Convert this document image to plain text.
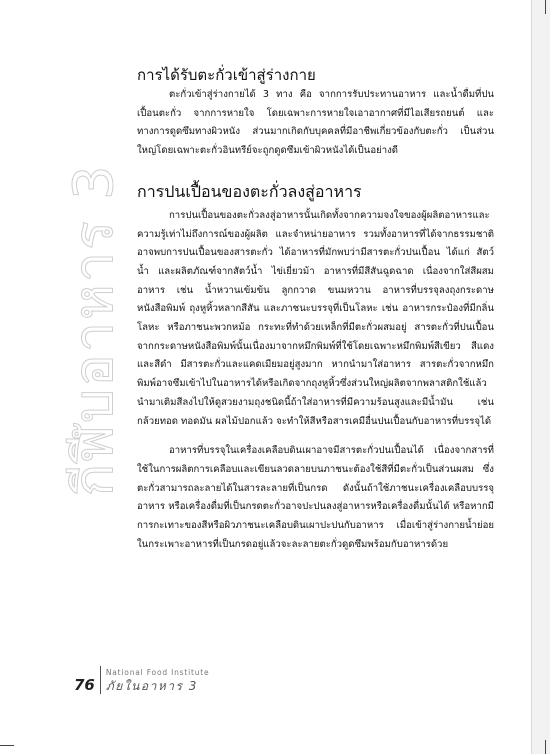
กีฬีบอาหาร 3
การได้รับตะกั่วเข้าสู่ร่างกาย

ตะกั่วเข้าสู่ร่างกายได้ 3 ทาง คือ จากการรับประทานอาหาร และน้ำดื่มที่ปนเปื้อนตะกั่ว จากการหายใจ โดยเฉพาะการหายใจเอาอากาศที่มีไอเสียรถยนต์ และทางการดูดซึมทางผิวหนัง ส่วนมากเกิดกับบุคคลที่มีอาชีพเกี่ยวข้องกับตะกั่ว เป็นส่วนใหญ่โดยเฉพาะตะกั่วอินทรีย์จะถูกดูดซึมเข้าผิวหนังได้เป็นอย่างดี

การปนเปื้อนของตะกั่วลงสู่อาหาร

การปนเปื้อนของตะกั่วลงสู่อาหารนั้นเกิดทั้งจากความจงใจของผู้ผลิตอาหารและความรู้เท่าไม่ถึงการณ์ของผู้ผลิต และจำหน่ายอาหาร รวมทั้งอาหารที่ได้จากธรรมชาติอาจพบการปนเปื้อนของสารตะกั่ว ได้อาหารที่มักพบว่ามีสารตะกั่วปนเปื้อน ได้แก่ สัตว์น้ำ และผลิตภัณฑ์จากสัตว์น้ำ ไข่เยี่ยวม้า อาหารที่มีสีสันฉูดฉาด เนื่องจากใส่สีผสมอาหาร เช่น น้ำหวานเข้มข้น ลูกกวาด ขนมหวาน อาหารที่บรรจุลงถุงกระดาษหนังสือพิมพ์ ถุงหูหิ้วหลากสีสัน และภาชนะบรรจุที่เป็นโลหะ เช่น อาหารกระป๋องที่มีกลิ่นโลหะ หรือภาชนะพวกหม้อ กระทะที่ทำด้วยเหล็กที่มีตะกั่วผสมอยู่ สารตะกั่วที่ปนเปื้อนจากกระดาษหนังสือพิมพ์นั้นเนื่องมาจากหมึกพิมพ์ที่ใช้โดยเฉพาะหมึกพิมพ์สีเขียว สีแดง และสีดำ มีสารตะกั่วและแคดเมียมอยู่สูงมาก หากนำมาใส่อาหาร สารตะกั่วจากหมึกพิมพ์อาจซึมเข้าไปในอาหารได้หรือเกิดจากถุงหูหิ้วซึ่งส่วนใหญ่ผลิตจากพลาสติกใช้แล้ว นำมาเติมสีลงไปให้ดูสวยงามถุงชนิดนี้ถ้าใส่อาหารที่มีความร้อนสูงและมีน้ำมัน เช่น กล้วยทอด ทอดมัน ผลไม้ปอกแล้ว จะทำให้สีหรือสารเคมีอื่นปนเปื้อนกับอาหารที่บรรจุได้

อาหารที่บรรจุในเครื่องเคลือบดินเผาอาจมีสารตะกั่วปนเปื้อนได้ เนื่องจากสารที่ใช้ในการผลิตการเคลือบและเขียนลวดลายบนภาชนะต้องใช้สีที่มีตะกั่วเป็นส่วนผสม ซึ่งตะกั่วสามารถละลายได้ในสารละลายที่เป็นกรด ดังนั้นถ้าใช้ภาชนะเครื่องเคลือบบรรจุอาหาร หรือเครื่องดื่มที่เป็นกรดตะกั่วอาจปะปนลงสู่อาหารหรือเครื่องดื่มนั้นได้ หรือหากมีการกะเทาะของสีหรือผิวภาชนะเคลือบดินเผาปะปนกับอาหาร เมื่อเข้าสู่ร่างกายน้ำย่อยในกระเพาะอาหารที่เป็นกรดอยู่แล้วจะละลายตะกั่วดูดซึมพร้อมกับอาหารด้วย

76
National Food Institute
ภัยในอาหาร 3
